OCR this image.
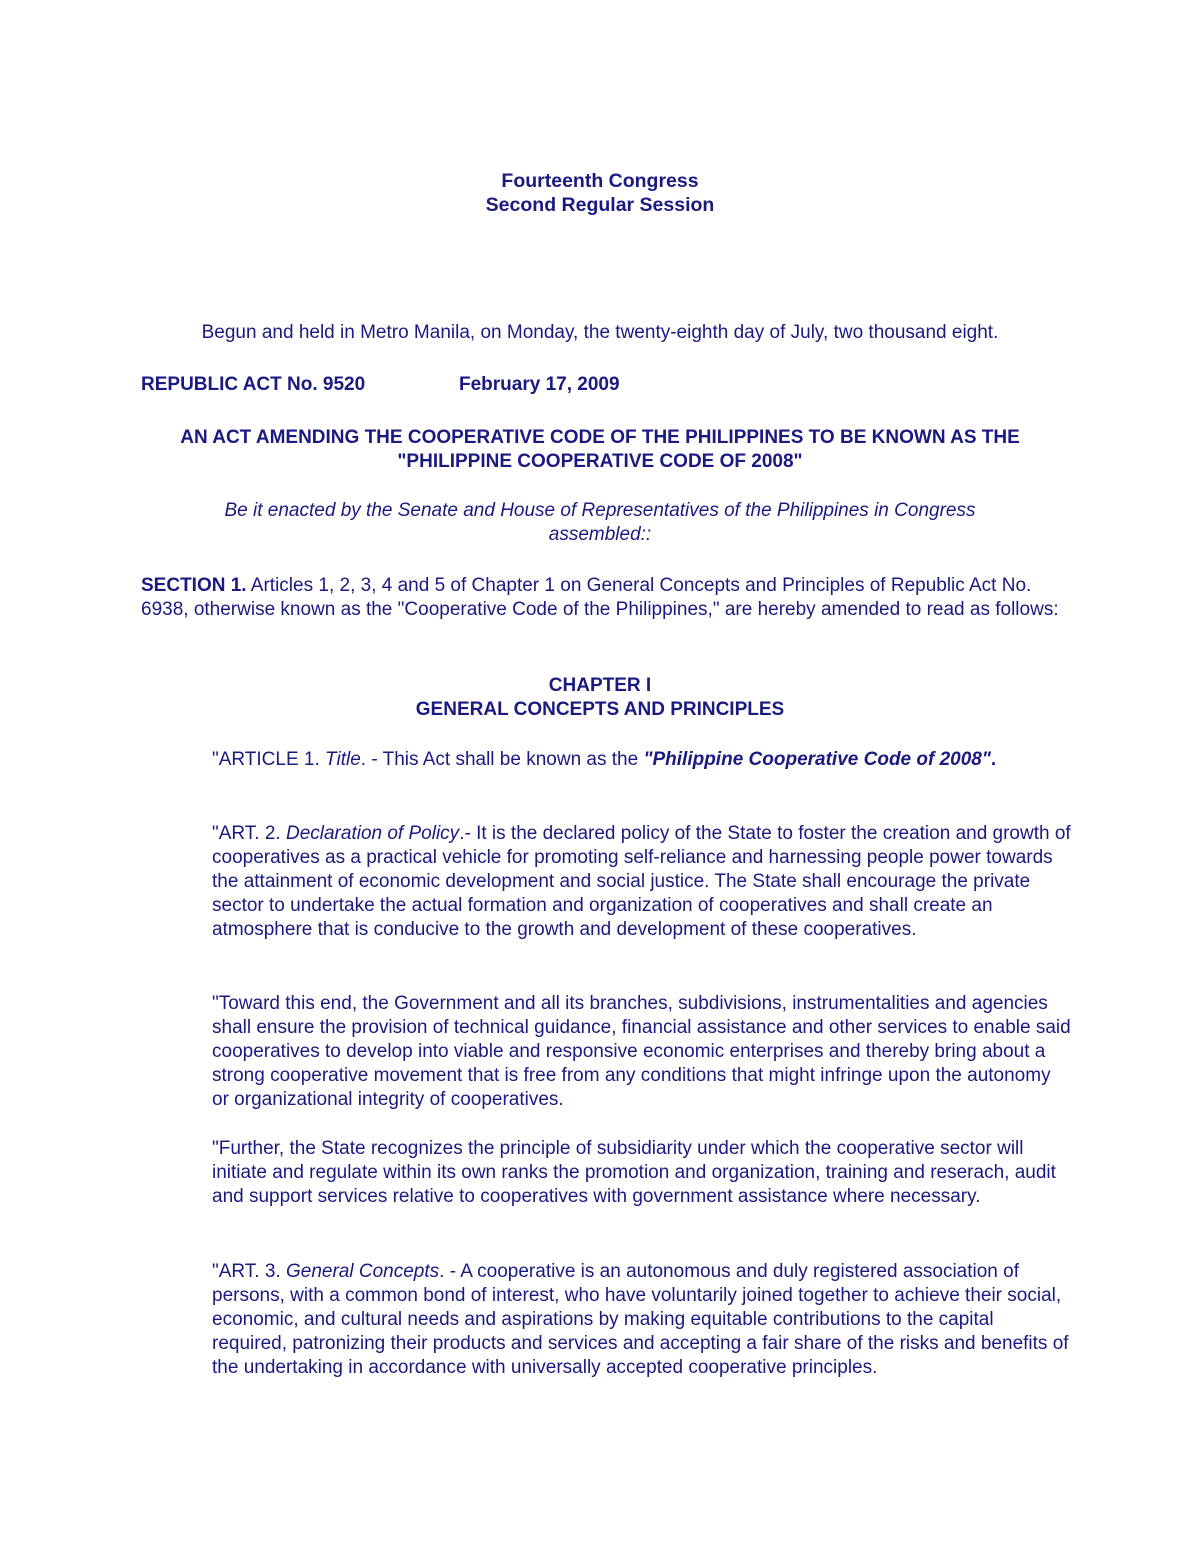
Fourteenth Congress
Second Regular Session
Begun and held in Metro Manila, on Monday, the twenty-eighth day of July, two thousand eight.
REPUBLIC ACT No. 9520	February 17, 2009
AN ACT AMENDING THE COOPERATIVE CODE OF THE PHILIPPINES TO BE KNOWN AS THE
"PHILIPPINE COOPERATIVE CODE OF 2008"
Be it enacted by the Senate and House of Representatives of the Philippines in Congress
assembled::
SECTION 1. Articles 1, 2, 3, 4 and 5 of Chapter 1 on General Concepts and Principles of Republic Act No. 6938, otherwise known as the "Cooperative Code of the Philippines," are hereby amended to read as follows:
CHAPTER I
GENERAL CONCEPTS AND PRINCIPLES
"ARTICLE 1. Title. - This Act shall be known as the "Philippine Cooperative Code of 2008".
"ART. 2. Declaration of Policy.- It is the declared policy of the State to foster the creation and growth of cooperatives as a practical vehicle for promoting self-reliance and harnessing people power towards the attainment of economic development and social justice. The State shall encourage the private sector to undertake the actual formation and organization of cooperatives and shall create an atmosphere that is conducive to the growth and development of these cooperatives.
"Toward this end, the Government and all its branches, subdivisions, instrumentalities and agencies shall ensure the provision of technical guidance, financial assistance and other services to enable said cooperatives to develop into viable and responsive economic enterprises and thereby bring about a strong cooperative movement that is free from any conditions that might infringe upon the autonomy or organizational integrity of cooperatives.
"Further, the State recognizes the principle of subsidiarity under which the cooperative sector will initiate and regulate within its own ranks the promotion and organization, training and reserach, audit and support services relative to cooperatives with government assistance where necessary.
"ART. 3. General Concepts. - A cooperative is an autonomous and duly registered association of persons, with a common bond of interest, who have voluntarily joined together to achieve their social, economic, and cultural needs and aspirations by making equitable contributions to the capital required, patronizing their products and services and accepting a fair share of the risks and benefits of the undertaking in accordance with universally accepted cooperative principles.
